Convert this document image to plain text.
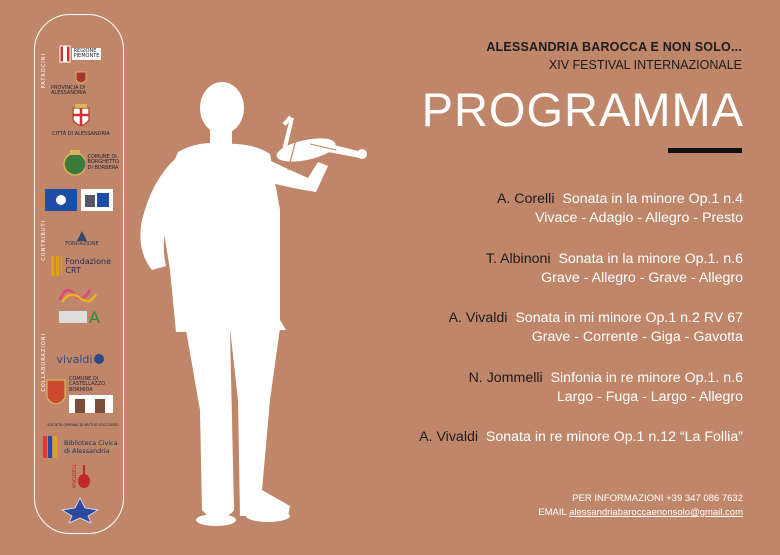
PATROCINI
CONTRIBUTI
COLLABORAZIONI
REGIONE
PIEMONTE
PROVINCIA DI ALESSANDRIA
CITTÀ DI ALESSANDRIA
COMUNE DI
BORGHETTO
DI BORBERA
FONDAZIONE
Fondazione
CRT
A
vivaldi
COMUNE DI
CASTELLAZZO
BORMIDA
SOCIETÀ OPERAIA DI MUTUO SOCCORSO
Biblioteca Civica
di Alessandria
TORTONA
ALESSANDRIA BAROCCA E NON SOLO...
XIV FESTIVAL INTERNAZIONALE
PROGRAMMA
A. Corelli Sonata in la minore Op.1 n.4
Vivace - Adagio - Allegro - Presto
T. Albinoni Sonata in la minore Op.1. n.6
Grave - Allegro - Grave - Allegro
A. Vivaldi Sonata in mi minore Op.1 n.2 RV 67
Grave - Corrente - Giga - Gavotta
N. Jommelli Sinfonia in re minore Op.1. n.6
Largo - Fuga - Largo - Allegro
A. Vivaldi Sonata in re minore Op.1 n.12 “La Follia”
PER INFORMAZIONI +39 347 086 7632
EMAIL alessandriabaroccaenonsolo@gmail.com
